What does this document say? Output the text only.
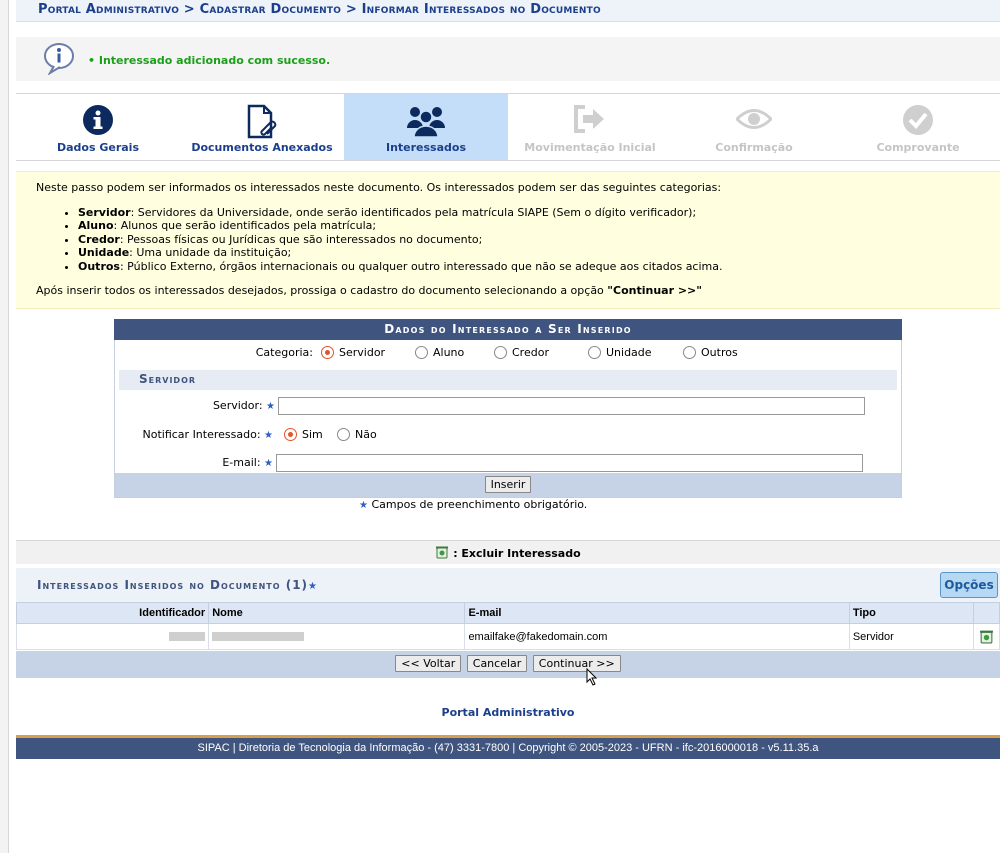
Portal Administrativo > Cadastrar Documento > Informar Interessados no Documento
• Interessado adicionado com sucesso.
Dados Gerais	Documentos Anexados	Interessados	Movimentação Inicial	Confirmação	Comprovante
Neste passo podem ser informados os interessados neste documento. Os interessados podem ser das seguintes categorias:
• Servidor: Servidores da Universidade, onde serão identificados pela matrícula SIAPE (Sem o dígito verificador);
• Aluno: Alunos que serão identificados pela matrícula;
• Credor: Pessoas físicas ou Jurídicas que são interessados no documento;
• Unidade: Uma unidade da instituição;
• Outros: Público Externo, órgãos internacionais ou qualquer outro interessado que não se adeque aos citados acima.
Após inserir todos os interessados desejados, prossiga o cadastro do documento selecionando a opção "Continuar >>"
: Excluir Interessado
Interessados Inseridos no Documento (1)★	Opções
Identificador	Nome	E-mail	Tipo	
		emailfake@fakedomain.com	Servidor	
<< Voltar Cancelar Continuar >>
Portal Administrativo
SIPAC | Diretoria de Tecnologia da Informação - (47) 3331-7800 | Copyright © 2005-2023 - UFRN - ifc-2016000018 - v5.11.35.a
Dados do Interessado a Ser Inserido
Categoria:	Servidor	Aluno	Credor	Unidade	Outros
Servidor
Servidor: ★
Notificar Interessado: ★	Sim	Não
E-mail: ★
Inserir
★ Campos de preenchimento obrigatório.
